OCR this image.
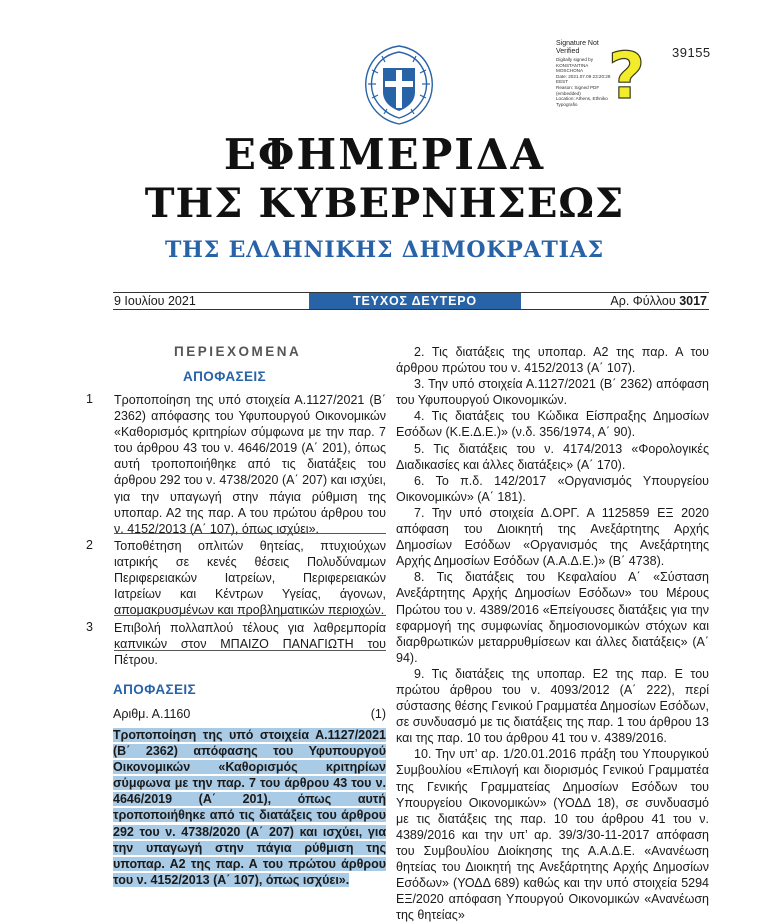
Signature Not Verified
Digitally signed by
KONSTANTINA
MOSCHONA
Date: 2021.07.09 23:20:28
EEST
Reason: Signed PDF
(embedded)
Location: Athens, Ethniko
Typografio ? 39155
ΕΦΗΜΕΡΙΔΑ
ΤΗΣ ΚΥΒΕΡΝΗΣΕΩΣ
ΤΗΣ ΕΛΛΗΝΙΚΗΣ ΔΗΜΟΚΡΑΤΙΑΣ
9 Ιουλίου 2021	ΤΕΥΧΟΣ ΔΕΥΤΕΡΟ	Αρ. Φύλλου 3017
ΠΕΡΙΕΧΟΜΕΝΑ
ΑΠΟΦΑΣΕΙΣ
1 Τροποποίηση της υπό στοιχεία Α.1127/2021 (Β΄ 2362) απόφασης του Υφυπουργού Οικονομικών «Καθορισμός κριτηρίων σύμφωνα με την παρ. 7 του άρθρου 43 του ν. 4646/2019 (Α΄ 201), όπως αυτή τροποποιήθηκε από τις διατάξεις του άρθρου 292 του ν. 4738/2020 (Α΄ 207) και ισχύει, για την υπαγωγή στην πάγια ρύθμιση της υποπαρ. Α2 της παρ. Α του πρώτου άρθρου του ν. 4152/2013 (Α΄ 107), όπως ισχύει».
2 Τοποθέτηση οπλιτών θητείας, πτυχιούχων ιατρικής σε κενές θέσεις Πολυδύναμων Περιφερειακών Ιατρείων, Περιφερειακών Ιατρείων και Κέντρων Υγείας, άγονων, απομακρυσμένων και προβληματικών περιοχών.
3 Επιβολή πολλαπλού τέλους για λαθρεμπορία καπνικών στον ΜΠΑΙΖΟ ΠΑΝΑΓΙΩΤΗ του Πέτρου.
ΑΠΟΦΑΣΕΙΣ
Αριθμ. Α.1160	(1)
Τροποποίηση της υπό στοιχεία Α.1127/2021 (Β΄ 2362) απόφασης του Υφυπουργού Οικονομικών «Καθορισμός κριτηρίων σύμφωνα με την παρ. 7 του άρθρου 43 του ν. 4646/2019 (Α΄ 201), όπως αυτή τροποποιήθηκε από τις διατάξεις του άρθρου 292 του ν. 4738/2020 (Α΄ 207) και ισχύει, για την υπαγωγή στην πάγια ρύθμιση της υποπαρ. Α2 της παρ. Α του πρώτου άρθρου του ν. 4152/2013 (Α΄ 107), όπως ισχύει».

2. Τις διατάξεις της υποπαρ. Α2 της παρ. Α του άρθρου πρώτου του ν. 4152/2013 (Α΄ 107).

3. Την υπό στοιχεία Α.1127/2021 (Β΄ 2362) απόφαση του Υφυπουργού Οικονομικών.

4. Τις διατάξεις του Κώδικα Είσπραξης Δημοσίων Εσόδων (Κ.Ε.Δ.Ε.)» (ν.δ. 356/1974, Α΄ 90).

5. Τις διατάξεις του ν. 4174/2013 «Φορολογικές Διαδικασίες και άλλες διατάξεις» (Α΄ 170).

6. Το π.δ. 142/2017 «Οργανισμός Υπουργείου Οικονομικών» (Α΄ 181).

7. Την υπό στοιχεία Δ.ΟΡΓ. Α 1125859 ΕΞ 2020 απόφαση του Διοικητή της Ανεξάρτητης Αρχής Δημοσίων Εσόδων «Οργανισμός της Ανεξάρτητης Αρχής Δημοσίων Εσόδων (Α.Α.Δ.Ε.)» (Β΄ 4738).

8. Τις διατάξεις του Κεφαλαίου Α΄ «Σύσταση Ανεξάρτητης Αρχής Δημοσίων Εσόδων» του Μέρους Πρώτου του ν. 4389/2016 «Επείγουσες διατάξεις για την εφαρμογή της συμφωνίας δημοσιονομικών στόχων και διαρθρωτικών μεταρρυθμίσεων και άλλες διατάξεις» (Α΄ 94).

9. Τις διατάξεις της υποπαρ. Ε2 της παρ. Ε του πρώτου άρθρου του ν. 4093/2012 (Α΄ 222), περί σύστασης θέσης Γενικού Γραμματέα Δημοσίων Εσόδων, σε συνδυασμό με τις διατάξεις της παρ. 1 του άρθρου 13 και της παρ. 10 του άρθρου 41 του ν. 4389/2016.

10. Την υπ’ αρ. 1/20.01.2016 πράξη του Υπουργικού Συμβουλίου «Επιλογή και διορισμός Γενικού Γραμματέα της Γενικής Γραμματείας Δημοσίων Εσόδων του Υπουργείου Οικονομικών» (ΥΟΔΔ 18), σε συνδυασμό με τις διατάξεις της παρ. 10 του άρθρου 41 του ν. 4389/2016 και την υπ’ αρ. 39/3/30-11-2017 απόφαση του Συμβουλίου Διοίκησης της Α.Α.Δ.Ε. «Ανανέωση θητείας του Διοικητή της Ανεξάρτητης Αρχής Δημοσίων Εσόδων» (ΥΟΔΔ 689) καθώς και την υπό στοιχεία 5294 ΕΞ/2020 απόφαση Υπουργού Οικονομικών «Ανανέωση της θητείας»
